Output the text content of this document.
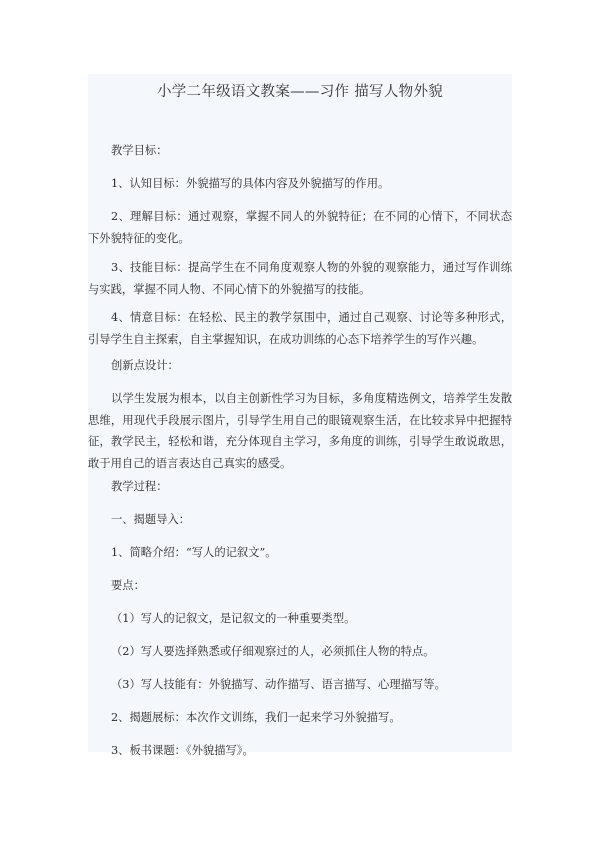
小学二年级语文教案——习作 描写人物外貌
教学目标：
1、认知目标：外貌描写的具体内容及外貌描写的作用。
2、理解目标：通过观察，掌握不同人的外貌特征；在不同的心情下，不同状态下外貌特征的变化。
3、技能目标：提高学生在不同角度观察人物的外貌的观察能力，通过写作训练与实践，掌握不同人物、不同心情下的外貌描写的技能。
4、情意目标：在轻松、民主的教学氛围中，通过自己观察、讨论等多种形式，引导学生自主探索，自主掌握知识，在成功训练的心态下培养学生的写作兴趣。
创新点设计：
以学生发展为根本，以自主创新性学习为目标，多角度精选例文，培养学生发散思维，用现代手段展示图片，引导学生用自己的眼镜观察生活，在比较求异中把握特征，教学民主，轻松和谐，充分体现自主学习，多角度的训练，引导学生敢说敢思，敢于用自己的语言表达自己真实的感受。
教学过程：
一、揭题导入：
1、简略介绍：“写人的记叙文”。
要点：
（1）写人的记叙文，是记叙文的一种重要类型。
（2）写人要选择熟悉或仔细观察过的人，必须抓住人物的特点。
（3）写人技能有：外貌描写、动作描写、语言描写、心理描写等。
2、揭题展标：本次作文训练，我们一起来学习外貌描写。
3、板书课题：《外貌描写》。
